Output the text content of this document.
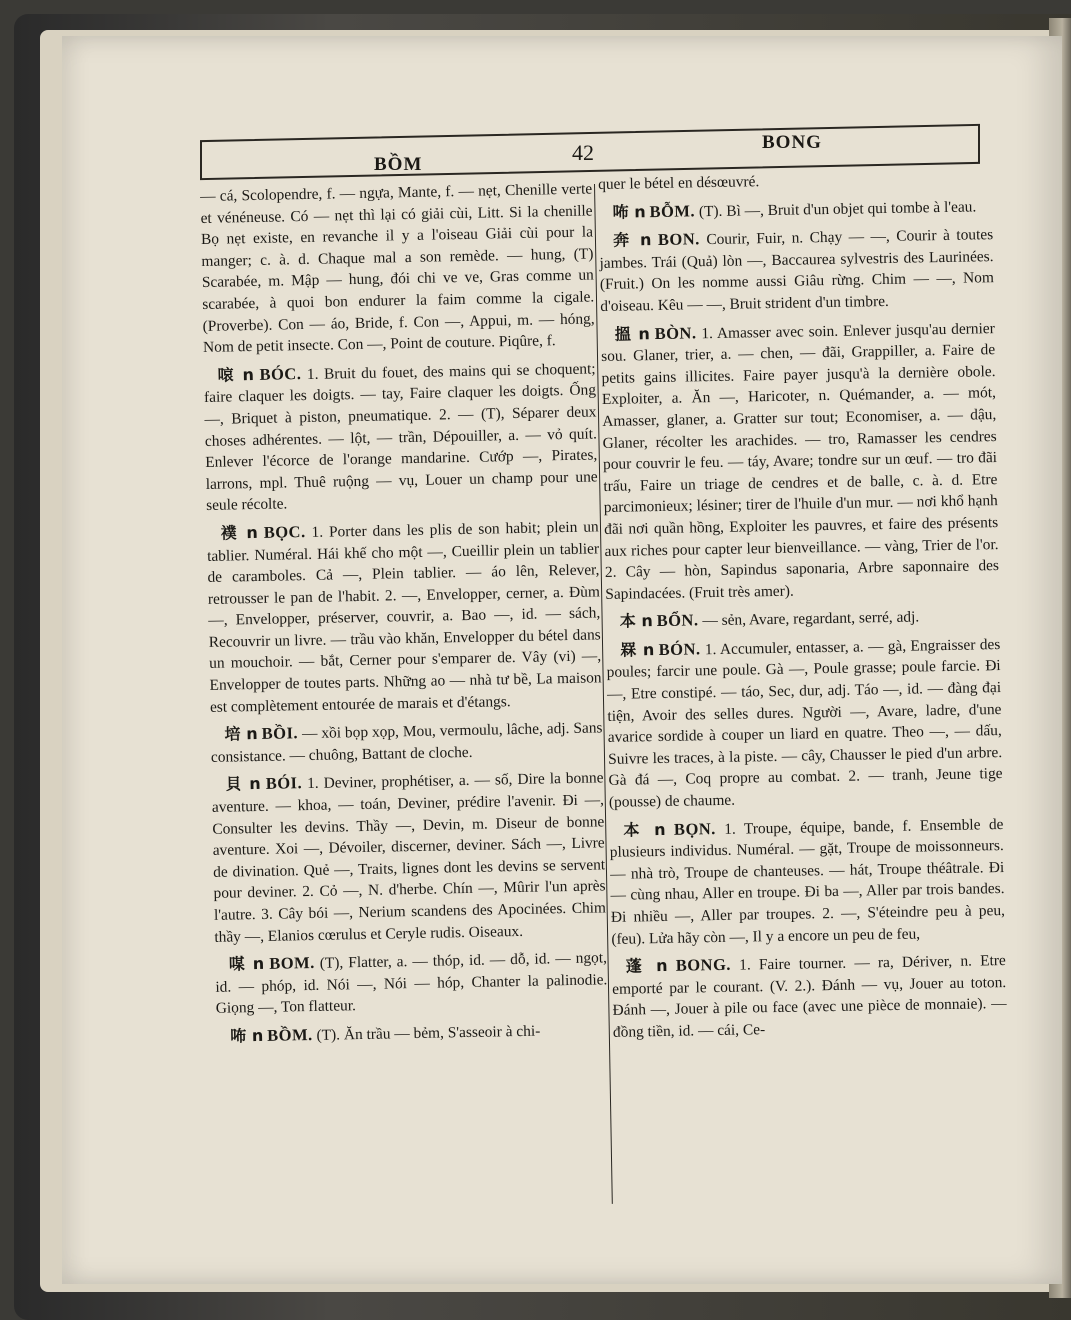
BỒM	42	BONG

— cá, Scolopendre, f. — ngựa, Mante, f. — nẹt, Chenille verte et vénéneuse. Có — nẹt thì lại có giải cùi, Litt. Si la chenille Bọ nẹt existe, en revanche il y a l'oiseau Giải cùi pour la manger; c. à. d. Chaque mal a son remède. — hung, (T) Scarabée, m. Mập — hung, đói chi ve ve, Gras comme un scarabée, à quoi bon endurer la faim comme la cigale. (Proverbe). Con — áo, Bride, f. Con —, Appui, m. — hóng, Nom de petit insecte. Con —, Point de couture. Piqûre, f.

㗒 n BÓC. 1. Bruit du fouet, des mains qui se choquent; faire claquer les doigts. — tay, Faire claquer les doigts. Ống —, Briquet à piston, pneumatique. 2. — (T), Séparer deux choses adhérentes. — lột, — trần, Dépouiller, a. — vỏ quít. Enlever l'écorce de l'orange mandarine. Cướp —, Pirates, larrons, mpl. Thuê ruộng — vụ, Louer un champ pour une seule récolte.

襆 n BỌC. 1. Porter dans les plis de son habit; plein un tablier. Numéral. Hái khế cho một —, Cueillir plein un tablier de caramboles. Cả —, Plein tablier. — áo lên, Relever, retrousser le pan de l'habit. 2. —, Envelopper, cerner, a. Đùm —, Envelopper, préserver, couvrir, a. Bao —, id. — sách, Recouvrir un livre. — trầu vào khăn, Envelopper du bétel dans un mouchoir. — bắt, Cerner pour s'emparer de. Vây (vi) —, Envelopper de toutes parts. Những ao — nhà tư bề, La maison est complètement entourée de marais et d'étangs.

培 n BỒI. — xồi bọp xọp, Mou, vermoulu, lâche, adj. Sans consistance. — chuông, Battant de cloche.

貝 n BÓI. 1. Deviner, prophétiser, a. — số, Dire la bonne aventure. — khoa, — toán, Deviner, prédire l'avenir. Đi —, Consulter les devins. Thầy —, Devin, m. Diseur de bonne aventure. Xoi —, Dévoiler, discerner, deviner. Sách —, Livre de divination. Quẻ —, Traits, lignes dont les devins se servent pour deviner. 2. Cỏ —, N. d'herbe. Chín —, Mûrir l'un après l'autre. 3. Cây bói —, Nerium scandens des Apocinées. Chim thầy —, Elanios cœrulus et Ceryle rudis. Oiseaux.

㖼 n BOM. (T), Flatter, a. — thóp, id. — dỗ, id. — ngọt, id. — phóp, id. Nói —, Nói — hóp, Chanter la palinodie. Giọng —, Ton flatteur.

咘 n BỒM. (T). Ăn trầu — bẻm, S'asseoir à chi-

quer le bétel en désœuvré.

咘 n BỖM. (T). Bì —, Bruit d'un objet qui tombe à l'eau.

奔 n BON. Courir, Fuir, n. Chạy — —, Courir à toutes jambes. Trái (Quả) lòn —, Baccaurea sylvestris des Laurinées. (Fruit.) On les nomme aussi Giâu rừng. Chim — —, Nom d'oiseau. Kêu — —, Bruit strident d'un timbre.

搵 n BÒN. 1. Amasser avec soin. Enlever jusqu'au dernier sou. Glaner, trier, a. — chen, — đãi, Grappiller, a. Faire de petits gains illicites. Faire payer jusqu'à la dernière obole. Exploiter, a. Ăn —, Haricoter, n. Quémander, a. — mót, Amasser, glaner, a. Gratter sur tout; Economiser, a. — dậu, Glaner, récolter les arachides. — tro, Ramasser les cendres pour couvrir le feu. — táy, Avare; tondre sur un œuf. — tro đãi trấu, Faire un triage de cendres et de balle, c. à. d. Etre parcimonieux; lésiner; tirer de l'huile d'un mur. — nơi khổ hạnh đãi nơi quần hồng, Exploiter les pauvres, et faire des présents aux riches pour capter leur bienveillance. — vàng, Trier de l'or. 2. Cây — hòn, Sapindus saponaria, Arbre saponnaire des Sapindacées. (Fruit très amer).

本 n BỔN. — sẻn, Avare, regardant, serré, adj.

罧 n BÓN. 1. Accumuler, entasser, a. — gà, Engraisser des poules; farcir une poule. Gà —, Poule grasse; poule farcie. Đi —, Etre constipé. — táo, Sec, dur, adj. Táo —, id. — đàng đại tiện, Avoir des selles dures. Người —, Avare, ladre, d'une avarice sordide à couper un liard en quatre. Theo —, — dấu, Suivre les traces, à la piste. — cây, Chausser le pied d'un arbre. Gà đá —, Coq propre au combat. 2. — tranh, Jeune tige (pousse) de chaume.

本 n BỌN. 1. Troupe, équipe, bande, f. Ensemble de plusieurs individus. Numéral. — gặt, Troupe de moissonneurs. — nhà trò, Troupe de chanteuses. — hát, Troupe théâtrale. Đi — cùng nhau, Aller en troupe. Đi ba —, Aller par trois bandes. Đi nhiều —, Aller par troupes. 2. —, S'éteindre peu à peu, (feu). Lửa hãy còn —, Il y a encore un peu de feu,

蓬 n BONG. 1. Faire tourner. — ra, Dériver, n. Etre emporté par le courant. (V. 2.). Đánh — vụ, Jouer au toton. Đánh —, Jouer à pile ou face (avec une pièce de monnaie). — đồng tiền, id. — cái, Ce-
